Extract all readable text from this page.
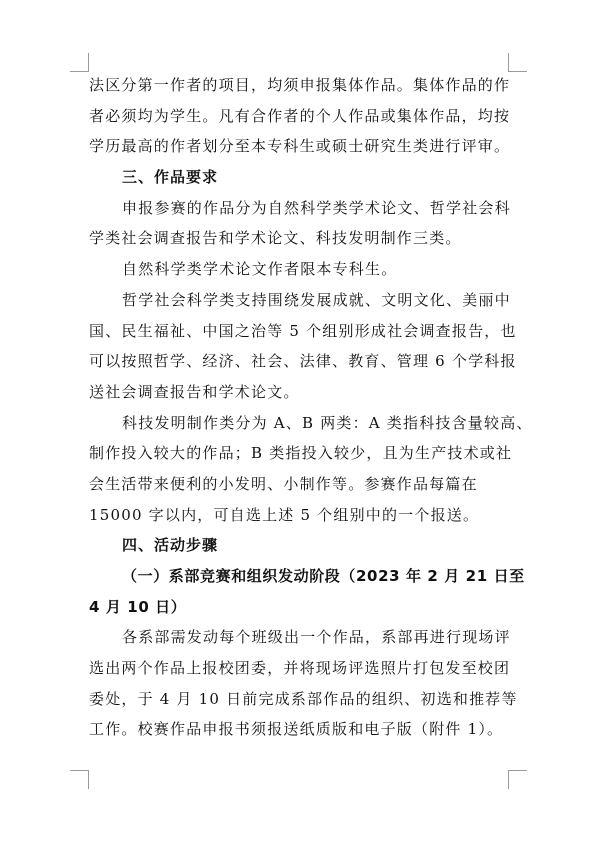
法区分第一作者的项目，均须申报集体作品。集体作品的作
者必须均为学生。凡有合作者的个人作品或集体作品，均按
学历最高的作者划分至本专科生或硕士研究生类进行评审。
三、作品要求
申报参赛的作品分为自然科学类学术论文、哲学社会科
学类社会调查报告和学术论文、科技发明制作三类。
自然科学类学术论文作者限本专科生。
哲学社会科学类支持围绕发展成就、文明文化、美丽中
国、民生福祉、中国之治等 5 个组别形成社会调查报告，也
可以按照哲学、经济、社会、法律、教育、管理 6 个学科报
送社会调查报告和学术论文。
科技发明制作类分为 A、B 两类：A 类指科技含量较高、
制作投入较大的作品；B 类指投入较少，且为生产技术或社
会生活带来便利的小发明、小制作等。参赛作品每篇在
15000 字以内，可自选上述 5 个组别中的一个报送。
四、活动步骤
（一）系部竞赛和组织发动阶段（2023 年 2 月 21 日至
4 月 10 日）
各系部需发动每个班级出一个作品，系部再进行现场评
选出两个作品上报校团委，并将现场评选照片打包发至校团
委处，于 4 月 10 日前完成系部作品的组织、初选和推荐等
工作。校赛作品申报书须报送纸质版和电子版（附件 1）。
